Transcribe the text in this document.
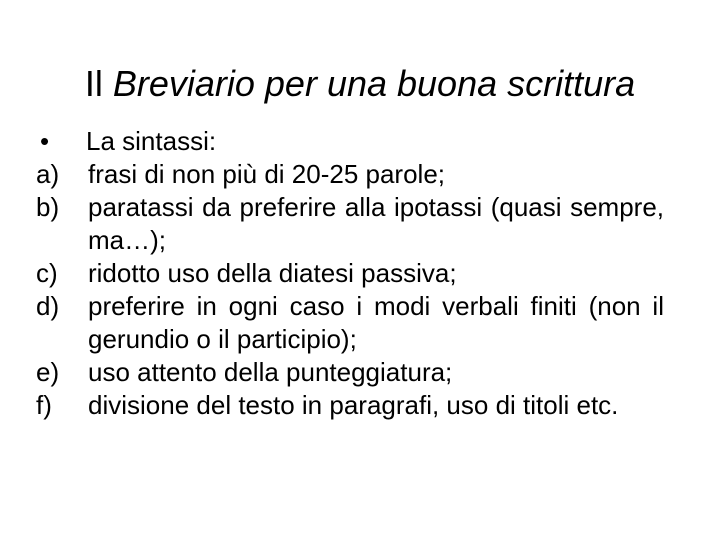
Il Breviario per una buona scrittura
• La sintassi:
a)	frasi di non più di 20-25 parole;
b)	paratassi da preferire alla ipotassi (quasi sempre, ma…);
c)	ridotto uso della diatesi passiva;
d)	preferire in ogni caso i modi verbali finiti (non il gerundio o il participio);
e)	uso attento della punteggiatura;
f)	divisione del testo in paragrafi, uso di titoli etc.
